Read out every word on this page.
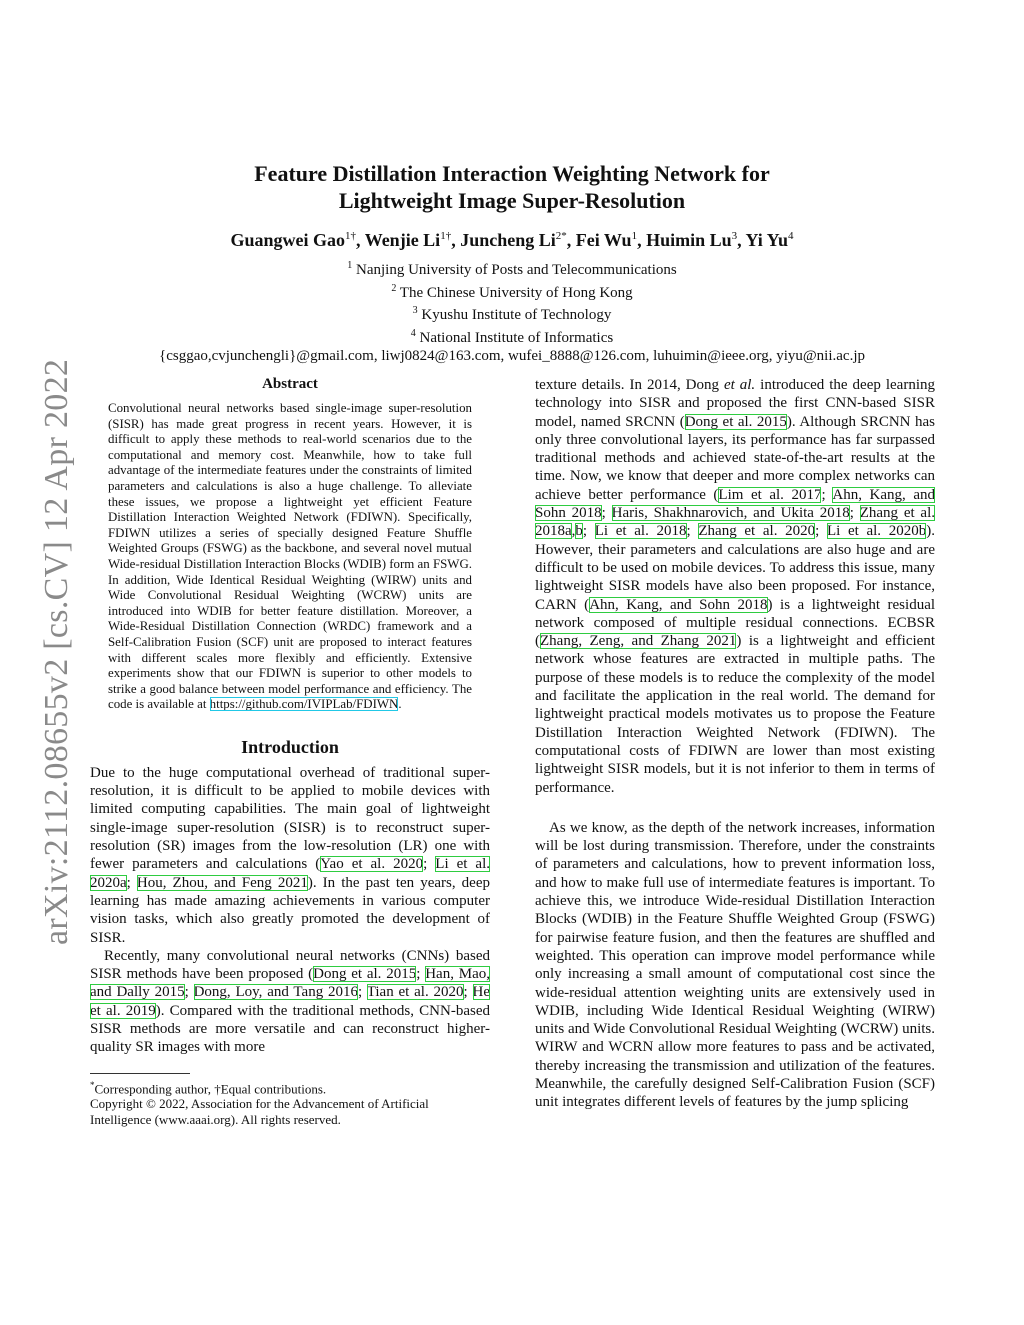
arXiv:2112.08655v2 [cs.CV] 12 Apr 2022
Feature Distillation Interaction Weighting Network for
Lightweight Image Super-Resolution
Guangwei Gao$^{1\dagger}$, Wenjie $Li^{1\dagger}$, Juncheng $Li^{2*}$, Fei Wu$^1$, Huimin Lu$^3$, Yi Yu$^4$
$^1$ Nanjing University of Posts and Telecommunications
$^2$ The Chinese University of Hong Kong
$^3$ Kyushu Institute of Technology
$^4$ National Institute of Informatics
{csggao,cvjunchengli}@gmail.com, liwj0824@163.com, wufei_8888@126.com, luhuimin@ieee.org, yiyu@nii.ac.jp
Abstract
Convolutional neural networks based single-image super-resolution (SISR) has made great progress in recent years. However, it is difficult to apply these methods to real-world scenarios due to the computational and memory cost. Meanwhile, how to take full advantage of the intermediate features under the constraints of limited parameters and calculations is also a huge challenge. To alleviate these issues, we propose a lightweight yet efficient Feature Distillation Interaction Weighted Network (FDIWN). Specifically, FDIWN utilizes a series of specially designed Feature Shuffle Weighted Groups (FSWG) as the backbone, and several novel mutual Wide-residual Distillation Interaction Blocks (WDIB) form an FSWG. In addition, Wide Identical Residual Weighting (WIRW) units and Wide Convolutional Residual Weighting (WCRW) units are introduced into WDIB for better feature distillation. Moreover, a Wide-Residual Distillation Connection (WRDC) framework and a Self-Calibration Fusion (SCF) unit are proposed to interact features with different scales more flexibly and efficiently. Extensive experiments show that our FDIWN is superior to other models to strike a good balance between model performance and efficiency. The code is available at https://github.com/IVIPLab/FDIWN.
Introduction

Due to the huge computational overhead of traditional super-resolution, it is difficult to be applied to mobile devices with limited computing capabilities. The main goal of lightweight single-image super-resolution (SISR) is to reconstruct super-resolution (SR) images from the low-resolution (LR) one with fewer parameters and calculations (Yao et al. 2020; Li et al. 2020a; Hou, Zhou, and Feng 2021). In the past ten years, deep learning has made amazing achievements in various computer vision tasks, which also greatly promoted the development of SISR.

Recently, many convolutional neural networks (CNNs) based SISR methods have been proposed (Dong et al. 2015; Han, Mao, and Dally 2015; Dong, Loy, and Tang 2016; Tian et al. 2020; He et al. 2019). Compared with the traditional methods, CNN-based SISR methods are more versatile and can reconstruct higher-quality SR images with more

*Corresponding author, †Equal contributions.
Copyright © 2022, Association for the Advancement of Artificial Intelligence (www.aaai.org). All rights reserved.

texture details. In 2014, Dong et al. introduced the deep learning technology into SISR and proposed the first CNN-based SISR model, named SRCNN (Dong et al. 2015). Although SRCNN has only three convolutional layers, its performance has far surpassed traditional methods and achieved state-of-the-art results at the time. Now, we know that deeper and more complex networks can achieve better performance (Lim et al. 2017; Ahn, Kang, and Sohn 2018; Haris, Shakhnarovich, and Ukita 2018; Zhang et al. 2018a,b; Li et al. 2018; Zhang et al. 2020; Li et al. 2020b). However, their parameters and calculations are also huge and are difficult to be used on mobile devices. To address this issue, many lightweight SISR models have also been proposed. For instance, CARN (Ahn, Kang, and Sohn 2018) is a lightweight residual network composed of multiple residual connections. ECBSR (Zhang, Zeng, and Zhang 2021) is a lightweight and efficient network whose features are extracted in multiple paths. The purpose of these models is to reduce the complexity of the model and facilitate the application in the real world. The demand for lightweight practical models motivates us to propose the Feature Distillation Interaction Weighted Network (FDIWN). The computational costs of FDIWN are lower than most existing lightweight SISR models, but it is not inferior to them in terms of performance.

As we know, as the depth of the network increases, information will be lost during transmission. Therefore, under the constraints of parameters and calculations, how to prevent information loss, and how to make full use of intermediate features is important. To achieve this, we introduce Wide-residual Distillation Interaction Blocks (WDIB) in the Feature Shuffle Weighted Group (FSWG) for pairwise feature fusion, and then the features are shuffled and weighted. This operation can improve model performance while only increasing a small amount of computational cost since the wide-residual attention weighting units are extensively used in WDIB, including Wide Identical Residual Weighting (WIRW) units and Wide Convolutional Residual Weighting (WCRW) units. WIRW and WCRN allow more features to pass and be activated, thereby increasing the transmission and utilization of the features. Meanwhile, the carefully designed Self-Calibration Fusion (SCF) unit integrates different levels of features by the jump splicing
